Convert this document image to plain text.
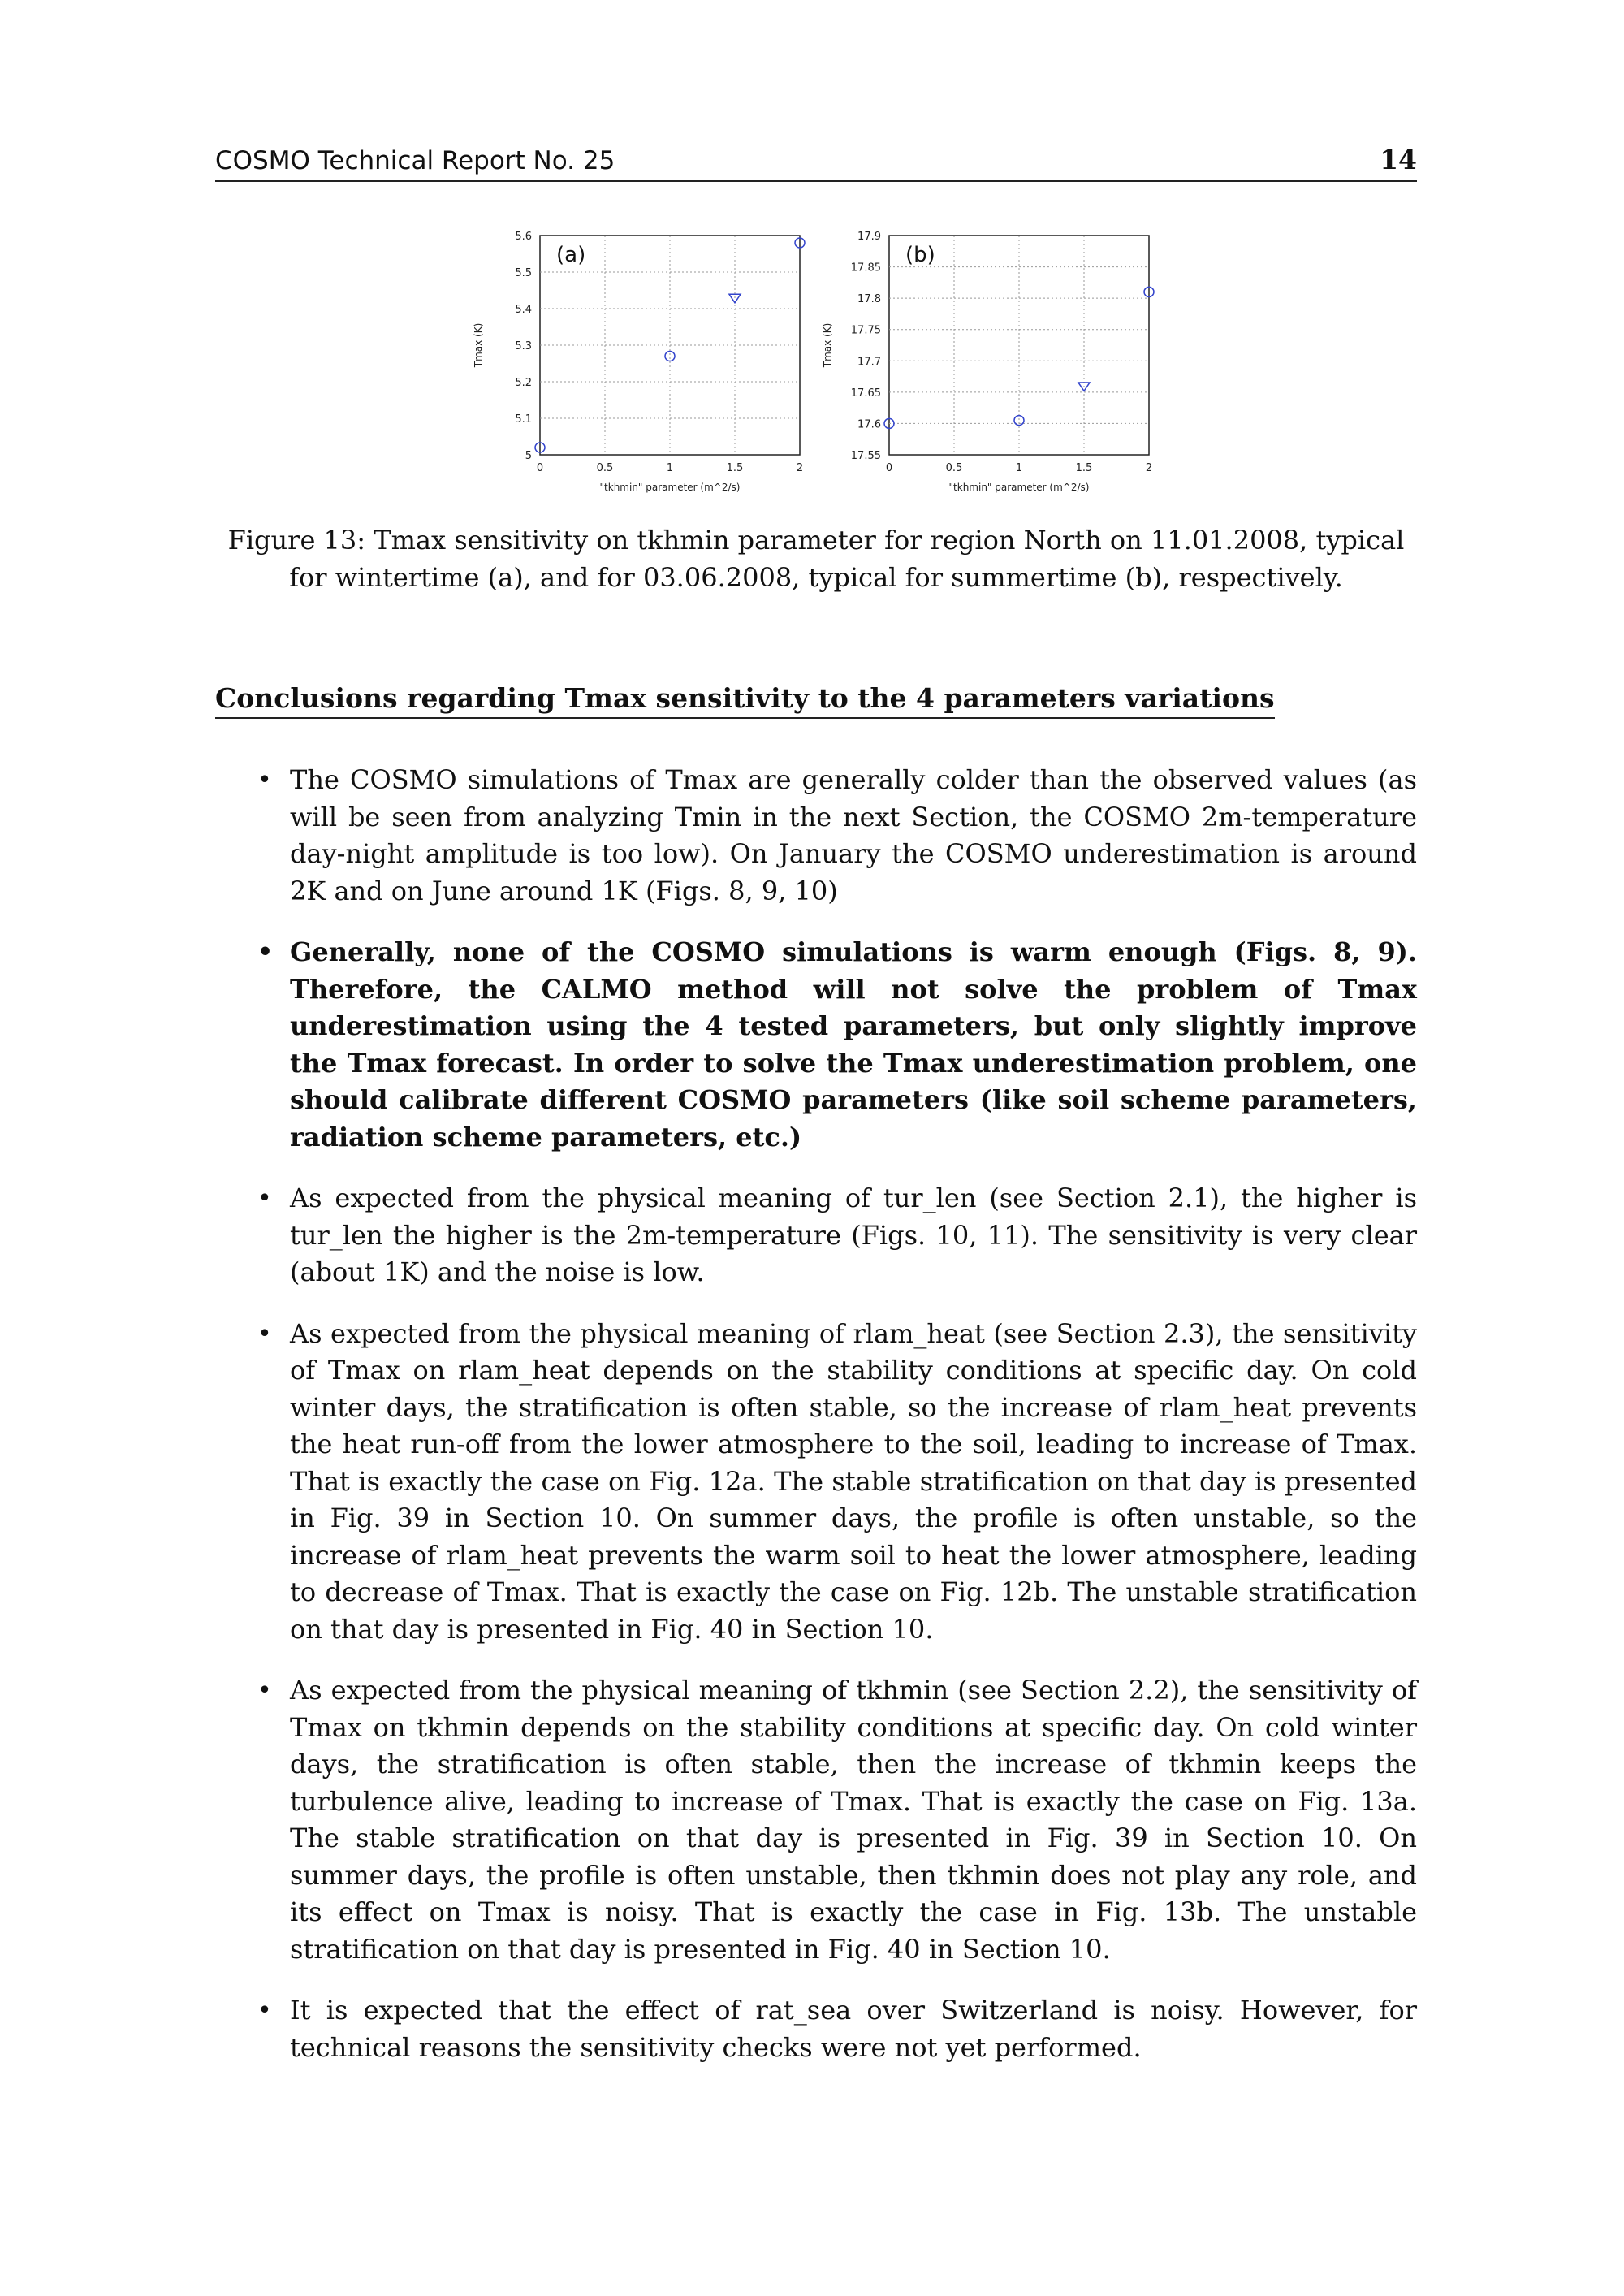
COSMO Technical Report No. 25	14
5
5.1
5.2
5.3
5.4
5.5
5.6
0	0.5	1	1.5	2
"tkhmin" parameter (m^2/s)
Tmax (K)
(a)
17.55
17.6
17.65
17.7
17.75
17.8
17.85
17.9
0	0.5	1	1.5	2
"tkhmin" parameter (m^2/s)
Tmax (K)
(b)
Figure 13: Tmax sensitivity on tkhmin parameter for region North on 11.01.2008, typical for wintertime (a), and for 03.06.2008, typical for summertime (b), respectively.
Conclusions regarding Tmax sensitivity to the 4 parameters variations
• The COSMO simulations of Tmax are generally colder than the observed values (as will be seen from analyzing Tmin in the next Section, the COSMO 2m-temperature day-night amplitude is too low). On January the COSMO underestimation is around 2K and on June around 1K (Figs. 8, 9, 10)
• Generally, none of the COSMO simulations is warm enough (Figs. 8, 9). Therefore, the CALMO method will not solve the problem of Tmax underestimation using the 4 tested parameters, but only slightly improve the Tmax forecast. In order to solve the Tmax underestimation problem, one should calibrate different COSMO parameters (like soil scheme parameters, radiation scheme parameters, etc.)
• As expected from the physical meaning of tur_len (see Section 2.1), the higher is tur_len the higher is the 2m-temperature (Figs. 10, 11). The sensitivity is very clear (about 1K) and the noise is low.
• As expected from the physical meaning of rlam_heat (see Section 2.3), the sensitivity of Tmax on rlam_heat depends on the stability conditions at specific day. On cold winter days, the stratification is often stable, so the increase of rlam_heat prevents the heat run-off from the lower atmosphere to the soil, leading to increase of Tmax. That is exactly the case on Fig. 12a. The stable stratification on that day is presented in Fig. 39 in Section 10. On summer days, the profile is often unstable, so the increase of rlam_heat prevents the warm soil to heat the lower atmosphere, leading to decrease of Tmax. That is exactly the case on Fig. 12b. The unstable stratification on that day is presented in Fig. 40 in Section 10.
• As expected from the physical meaning of tkhmin (see Section 2.2), the sensitivity of Tmax on tkhmin depends on the stability conditions at specific day. On cold winter days, the stratification is often stable, then the increase of tkhmin keeps the turbulence alive, leading to increase of Tmax. That is exactly the case on Fig. 13a. The stable stratification on that day is presented in Fig. 39 in Section 10. On summer days, the profile is often unstable, then tkhmin does not play any role, and its effect on Tmax is noisy. That is exactly the case in Fig. 13b. The unstable stratification on that day is presented in Fig. 40 in Section 10.
• It is expected that the effect of rat_sea over Switzerland is noisy. However, for technical reasons the sensitivity checks were not yet performed.
